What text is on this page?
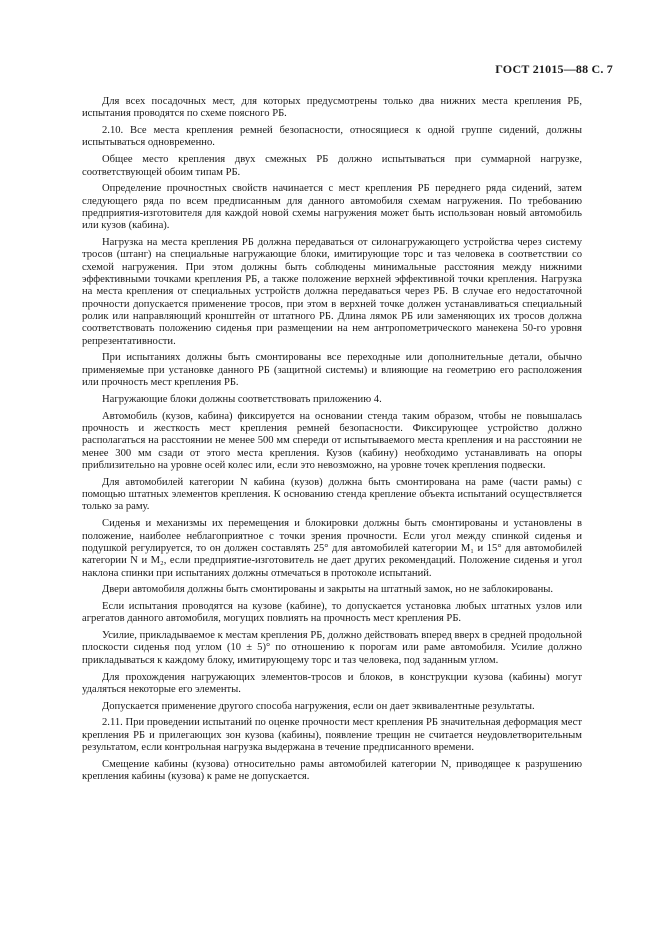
ГОСТ 21015—88 С. 7

Для всех посадочных мест, для которых предусмотрены только два нижних места крепления РБ, испытания проводятся по схеме поясного РБ.

2.10. Все места крепления ремней безопасности, относящиеся к одной группе сидений, должны испытываться одновременно.

Общее место крепления двух смежных РБ должно испытываться при суммарной нагрузке, соответствующей обоим типам РБ.

Определение прочностных свойств начинается с мест крепления РБ переднего ряда сидений, затем следующего ряда по всем предписанным для данного автомобиля схемам нагружения. По требованию предприятия-изготовителя для каждой новой схемы нагружения может быть использован новый автомобиль или кузов (кабина).

Нагрузка на места крепления РБ должна передаваться от силонагружающего устройства через систему тросов (штанг) на специальные нагружающие блоки, имитирующие торс и таз человека в соответствии со схемой нагружения. При этом должны быть соблюдены минимальные расстояния между нижними эффективными точками крепления РБ, а также положение верхней эффективной точки крепления. Нагрузка на места крепления от специальных устройств должна передаваться через РБ. В случае его недостаточной прочности допускается применение тросов, при этом в верхней точке должен устанавливаться специальный ролик или направляющий кронштейн от штатного РБ. Длина лямок РБ или заменяющих их тросов должна соответствовать положению сиденья при размещении на нем антропометрического манекена 50-го уровня репрезентативности.

При испытаниях должны быть смонтированы все переходные или дополнительные детали, обычно применяемые при установке данного РБ (защитной системы) и влияющие на геометрию его расположения или прочность мест крепления РБ.

Нагружающие блоки должны соответствовать приложению 4.

Автомобиль (кузов, кабина) фиксируется на основании стенда таким образом, чтобы не повышалась прочность и жесткость мест крепления ремней безопасности. Фиксирующее устройство должно располагаться на расстоянии не менее 500 мм спереди от испытываемого места крепления и на расстоянии не менее 300 мм сзади от этого места крепления. Кузов (кабину) необходимо устанавливать на опоры приблизительно на уровне осей колес или, если это невозможно, на уровне точек крепления подвески.

Для автомобилей категории N кабина (кузов) должна быть смонтирована на раме (части рамы) с помощью штатных элементов крепления. К основанию стенда крепление объекта испытаний осуществляется только за раму.

Сиденья и механизмы их перемещения и блокировки должны быть смонтированы и установлены в положение, наиболее неблагоприятное с точки зрения прочности. Если угол между спинкой сиденья и подушкой регулируется, то он должен составлять 25° для автомобилей категории M₁ и 15° для автомобилей категории N и M₂, если предприятие-изготовитель не дает других рекомендаций. Положение сиденья и угол наклона спинки при испытаниях должны отмечаться в протоколе испытаний.

Двери автомобиля должны быть смонтированы и закрыты на штатный замок, но не заблокированы.

Если испытания проводятся на кузове (кабине), то допускается установка любых штатных узлов или агрегатов данного автомобиля, могущих повлиять на прочность мест крепления РБ.

Усилие, прикладываемое к местам крепления РБ, должно действовать вперед вверх в средней продольной плоскости сиденья под углом (10 ± 5)° по отношению к порогам или раме автомобиля. Усилие должно прикладываться к каждому блоку, имитирующему торс и таз человека, под заданным углом.

Для прохождения нагружающих элементов-тросов и блоков, в конструкции кузова (кабины) могут удаляться некоторые его элементы.

Допускается применение другого способа нагружения, если он дает эквивалентные результаты.

2.11. При проведении испытаний по оценке прочности мест крепления РБ значительная деформация мест крепления РБ и прилегающих зон кузова (кабины), появление трещин не считается неудовлетворительным результатом, если контрольная нагрузка выдержана в течение предписанного времени.

Смещение кабины (кузова) относительно рамы автомобилей категории N, приводящее к разрушению крепления кабины (кузова) к раме не допускается.
